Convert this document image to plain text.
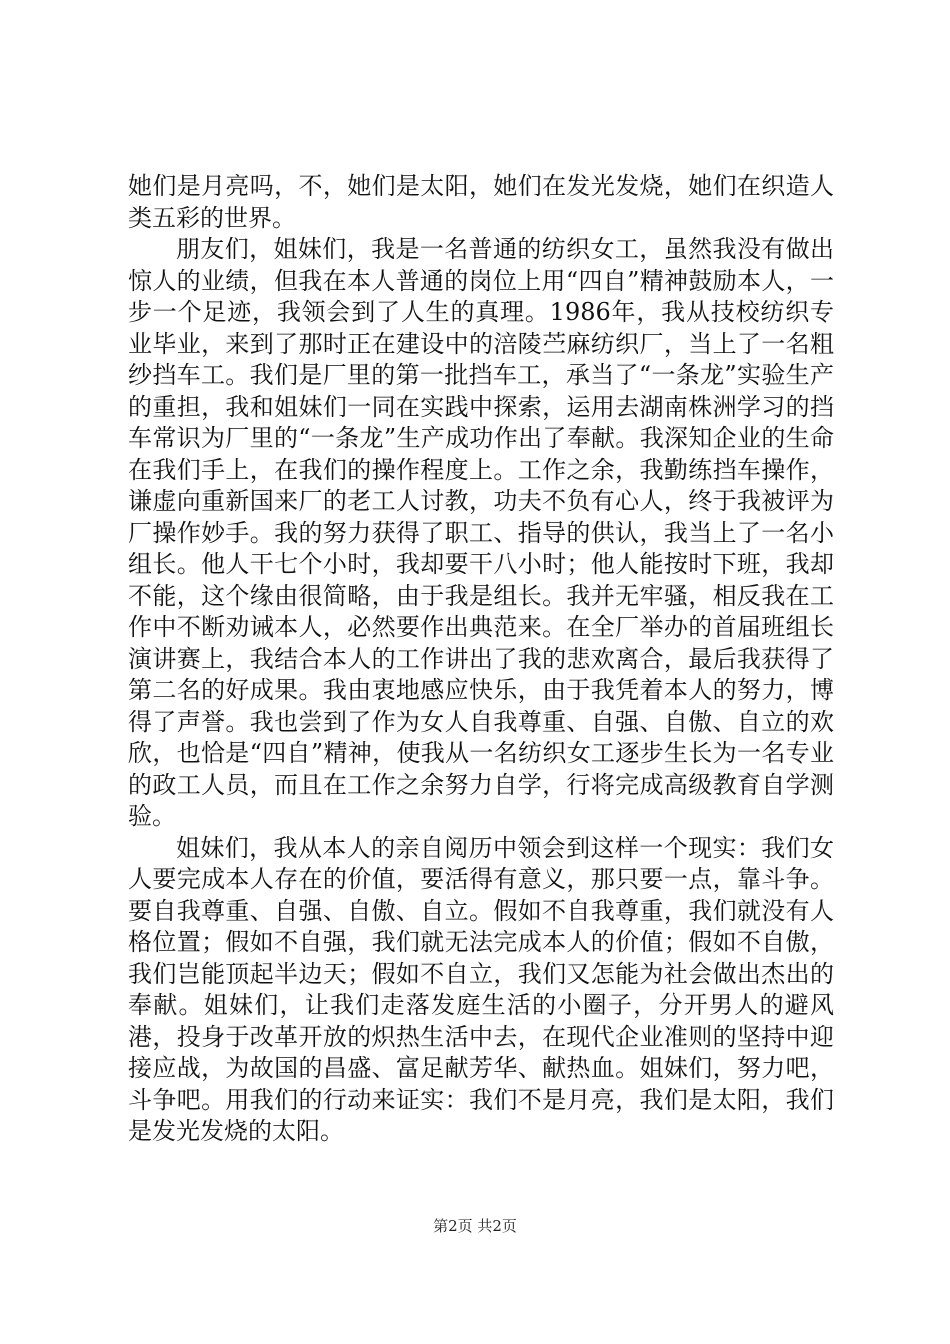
她们是月亮吗，不，她们是太阳，她们在发光发烧，她们在织造人类五彩的世界。

朋友们，姐妹们，我是一名普通的纺织女工，虽然我没有做出惊人的业绩，但我在本人普通的岗位上用“四自”精神鼓励本人，一步一个足迹，我领会到了人生的真理。1986年，我从技校纺织专业毕业，来到了那时正在建设中的涪陵苎麻纺织厂，当上了一名粗纱挡车工。我们是厂里的第一批挡车工，承当了“一条龙”实验生产的重担，我和姐妹们一同在实践中探索，运用去湖南株洲学习的挡车常识为厂里的“一条龙”生产成功作出了奉献。我深知企业的生命在我们手上，在我们的操作程度上。工作之余，我勤练挡车操作，谦虚向重新国来厂的老工人讨教，功夫不负有心人，终于我被评为厂操作妙手。我的努力获得了职工、指导的供认，我当上了一名小组长。他人干七个小时，我却要干八小时；他人能按时下班，我却不能，这个缘由很简略，由于我是组长。我并无牢骚，相反我在工作中不断劝诫本人，必然要作出典范来。在全厂举办的首届班组长演讲赛上，我结合本人的工作讲出了我的悲欢离合，最后我获得了第二名的好成果。我由衷地感应快乐，由于我凭着本人的努力，博得了声誉。我也尝到了作为女人自我尊重、自强、自傲、自立的欢欣，也恰是“四自”精神，使我从一名纺织女工逐步生长为一名专业的政工人员，而且在工作之余努力自学，行将完成高级教育自学测验。

姐妹们，我从本人的亲自阅历中领会到这样一个现实：我们女人要完成本人存在的价值，要活得有意义，那只要一点，靠斗争。要自我尊重、自强、自傲、自立。假如不自我尊重，我们就没有人格位置；假如不自强，我们就无法完成本人的价值；假如不自傲，我们岂能顶起半边天；假如不自立，我们又怎能为社会做出杰出的奉献。姐妹们，让我们走落发庭生活的小圈子，分开男人的避风港，投身于改革开放的炽热生活中去，在现代企业准则的坚持中迎接应战，为故国的昌盛、富足献芳华、献热血。姐妹们，努力吧，斗争吧。用我们的行动来证实：我们不是月亮，我们是太阳，我们是发光发烧的太阳。

第2页 共2页
